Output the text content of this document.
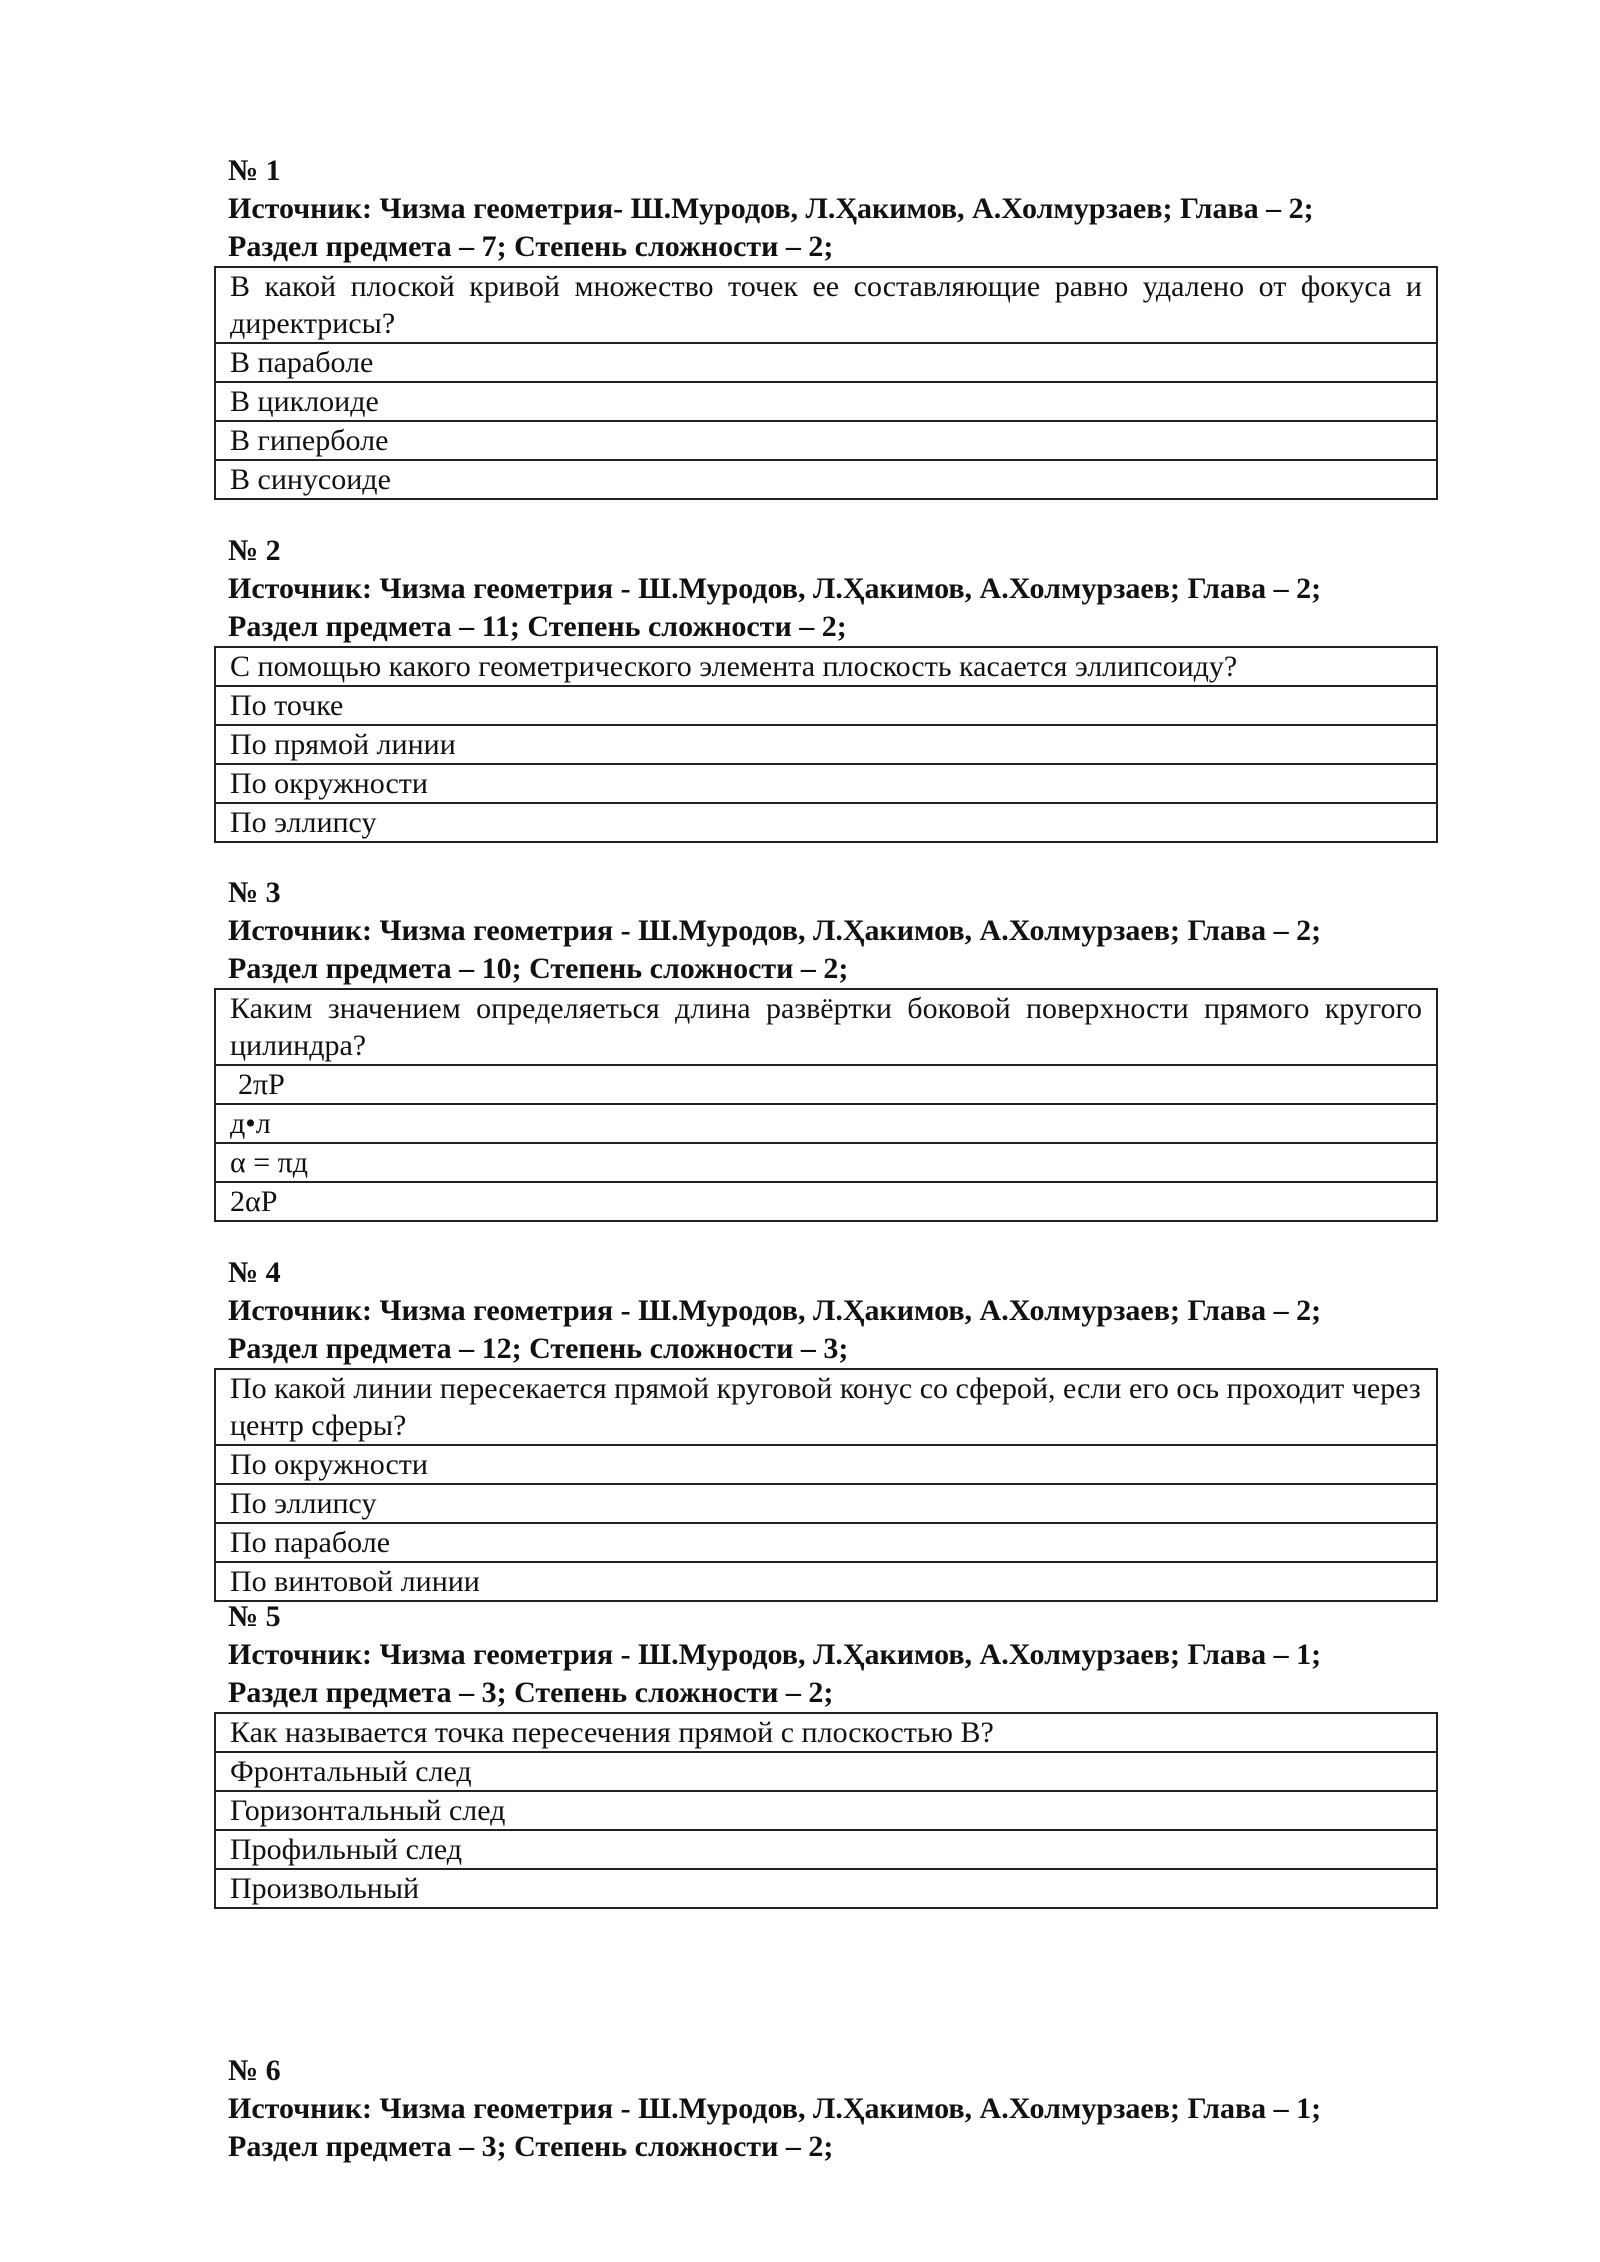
№ 1
Источник: Чизма геометрия- Ш.Муродов, Л.Ҳакимов, А.Холмурзаев; Глава – 2;
Раздел предмета – 7; Степень сложности – 2;
В какой плоской кривой множество точек ее составляющие равно удалено от фокуса и директрисы?
В параболе
В циклоиде
В гиперболе
В синусоиде
№ 2
Источник: Чизма геометрия - Ш.Муродов, Л.Ҳакимов, А.Холмурзаев; Глава – 2;
Раздел предмета – 11; Степень сложности – 2;
С помощью какого геометрического элемента плоскость касается эллипсоиду?
По точке
По прямой линии
По окружности
По эллипсу
№ 3
Источник: Чизма геометрия - Ш.Муродов, Л.Ҳакимов, А.Холмурзаев; Глава – 2;
Раздел предмета – 10; Степень сложности – 2;
Каким значением определяеться длина развёртки боковой поверхности прямого кругого цилиндра?
2πР
д•л
α = πд
2αР
№ 4
Источник: Чизма геометрия - Ш.Муродов, Л.Ҳакимов, А.Холмурзаев; Глава – 2;
Раздел предмета – 12; Степень сложности – 3;
По какой линии пересекается прямой круговой конус со сферой, если его ось проходит через центр сферы?
По окружности
По эллипсу
По параболе
По винтовой линии
№ 5
Источник: Чизма геометрия - Ш.Муродов, Л.Ҳакимов, А.Холмурзаев; Глава – 1;
Раздел предмета – 3; Степень сложности – 2;
Как называется точка пересечения прямой с плоскостью В?
Фронтальный след
Горизонтальный след
Профильный след
Произвольный
№ 6
Источник: Чизма геометрия - Ш.Муродов, Л.Ҳакимов, А.Холмурзаев; Глава – 1;
Раздел предмета – 3; Степень сложности – 2;
